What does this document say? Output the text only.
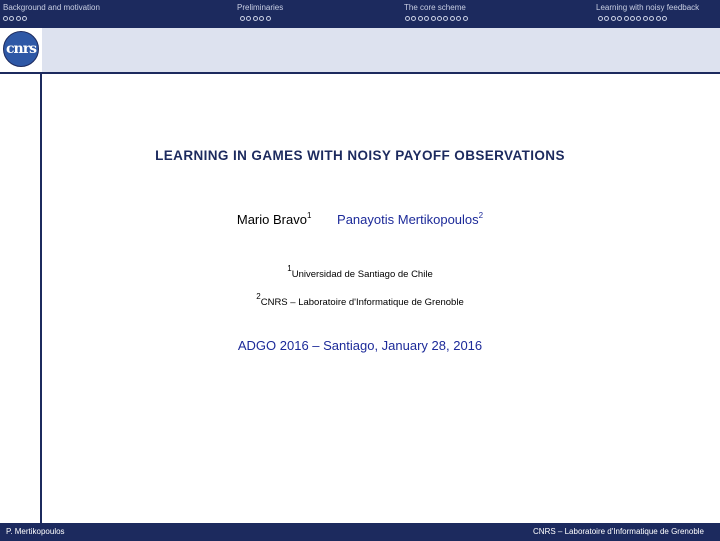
Background and motivation	Preliminaries	The core scheme	Learning with noisy feedback
cnrs
LEARNING IN GAMES WITH NOISY PAYOFF OBSERVATIONS
Mario Bravo$^1$ Panayotis Mertikopoulos$^2$
$^1$Universidad de Santiago de Chile
$^2$CNRS – Laboratoire d'Informatique de Grenoble
ADGO 2016 – Santiago, January 28, 2016
P. Mertikopoulos	CNRS – Laboratoire d'Informatique de Grenoble
